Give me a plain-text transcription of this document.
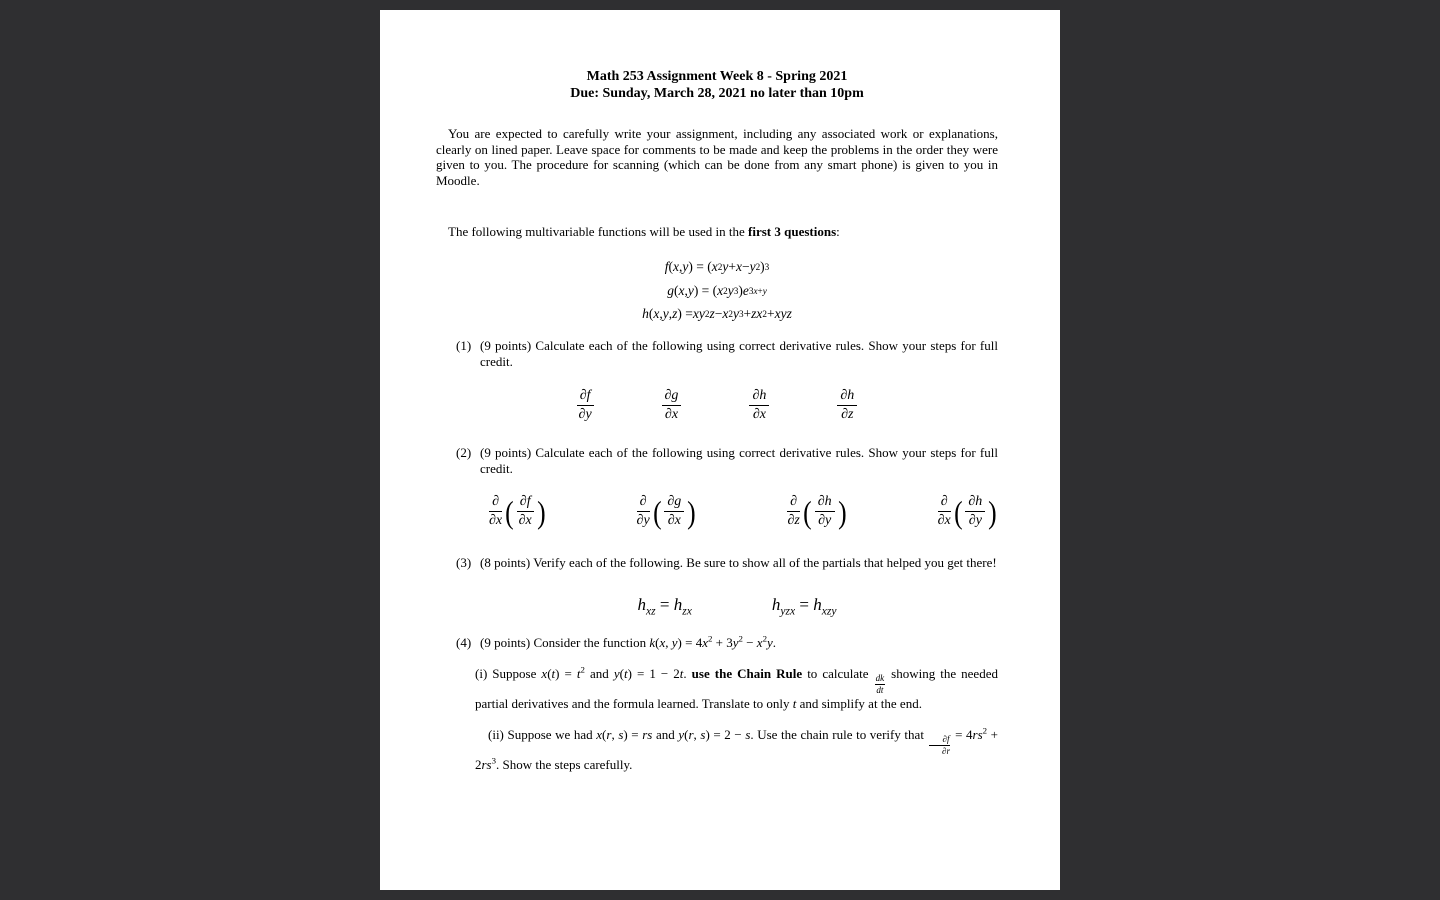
Math 253 Assignment Week 8 - Spring 2021
Due: Sunday, March 28, 2021 no later than 10pm

You are expected to carefully write your assignment, including any associated work or explanations, clearly on lined paper. Leave space for comments to be made and keep the problems in the order they were given to you. The procedure for scanning (which can be done from any smart phone) is given to you in Moodle.

The following multivariable functions will be used in the first 3 questions:

f ( x , y ) = ( x 2 y + x − y 2 ) 3
g ( x , y ) = ( x 2 y 3 ) e 3x+y
h ( x , y , z ) = xy 2 z − x 2 y 3 + zx 2 + xyz
(1) (9 points) Calculate each of the following using correct derivative rules. Show your steps for full credit.
$\frac{\partial f}{\partial y}$	$\frac{\partial g}{\partial x}$	$\frac{\partial h}{\partial x}$	$\frac{\partial h}{\partial z}$
(2) (9 points) Calculate each of the following using correct derivative rules. Show your steps for full credit.
∂
∂x ( ∂f
∂x )	∂
∂y ( ∂g
∂x )	∂
∂z ( ∂h
∂y )	∂
∂x ( ∂h
∂y )
(3) (8 points) Verify each of the following. Be sure to show all of the partials that helped you get there!
$h_{xz} = h_{zx}$	$h_{yzx} = h_{xzy}$
(4) (9 points) Consider the function k(x, $y) = 4x^2 + 3y^2 - x^2y$.

(i) Suppose $x(t) = t^2$ and y(t) = 1 − 2t. use the Chain Rule to calculate $\frac{dk}{dt}$ showing the needed partial derivatives and the formula learned. Translate to only t and simplify at the end.

(ii) Suppose we had x(r, s) = rs and y(r, s) = 2 − s. Use the chain rule to verify that $\frac{\partial f}{\partial r} = 4rs^2 + 2rs^3$. Show the steps carefully.
